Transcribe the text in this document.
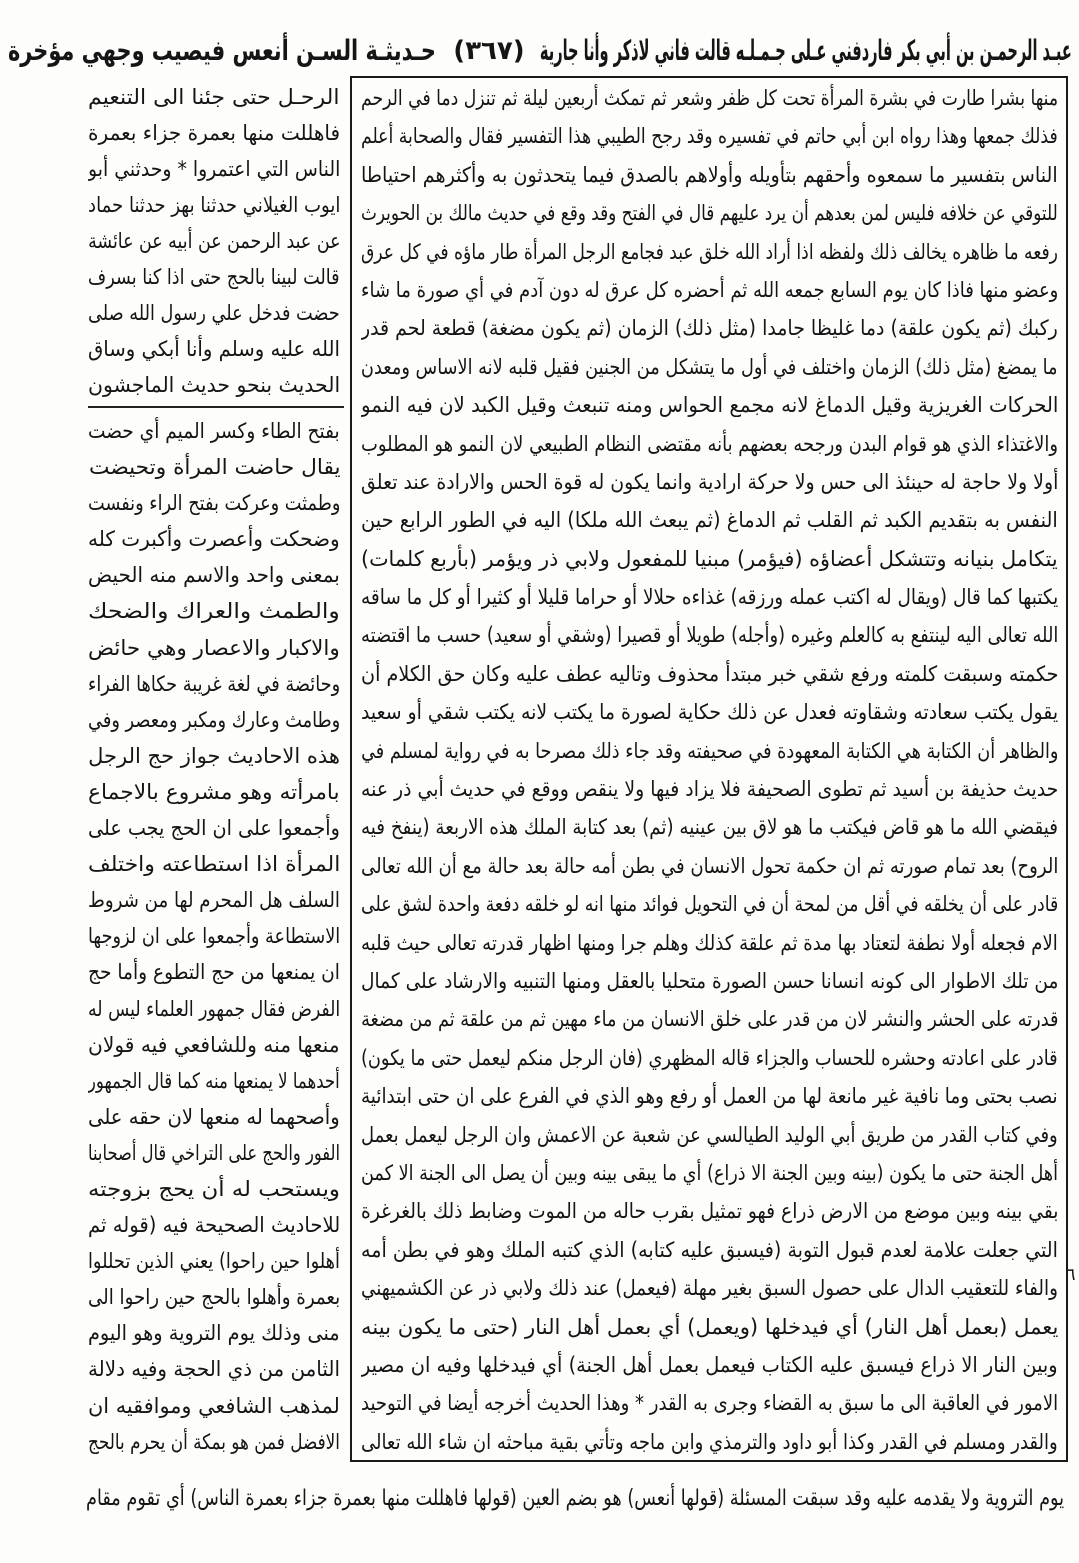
عبـد الرحمـن بن أبي بكر فاردفني عـلى جـمـلـه قالت فاني لاذكر وأنا جارية
(٣٦٧)
حـديثـة السـن أنعس فيصيب وجهي مؤخرة
منها بشرا طارت في بشرة المرأة تحت كل ظفر وشعر ثم تمكث أربعين ليلة ثم تنزل دما في الرحم
فذلك جمعها وهذا رواه ابن أبي حاتم في تفسيره وقد رجح الطيبي هذا التفسير فقال والصحابة أعلم
الناس بتفسير ما سمعوه وأحقهم بتأويله وأولاهم بالصدق فيما يتحدثون به وأكثرهم احتياطا
للتوقي عن خلافه فليس لمن بعدهم أن يرد عليهم قال في الفتح وقد وقع في حديث مالك بن الحويرث
رفعه ما ظاهره يخالف ذلك ولفظه اذا أراد الله خلق عبد فجامع الرجل المرأة طار ماؤه في كل عرق
وعضو منها فاذا كان يوم السابع جمعه الله ثم أحضره كل عرق له دون آدم في أي صورة ما شاء
ركبك (ثم يكون علقة) دما غليظا جامدا (مثل ذلك) الزمان (ثم يكون مضغة) قطعة لحم قدر
ما يمضغ (مثل ذلك) الزمان واختلف في أول ما يتشكل من الجنين فقيل قلبه لانه الاساس ومعدن
الحركات الغريزية وقيل الدماغ لانه مجمع الحواس ومنه تنبعث وقيل الكبد لان فيه النمو
والاغتذاء الذي هو قوام البدن ورجحه بعضهم بأنه مقتضى النظام الطبيعي لان النمو هو المطلوب
أولا ولا حاجة له حينئذ الى حس ولا حركة ارادية وانما يكون له قوة الحس والارادة عند تعلق
النفس به بتقديم الكبد ثم القلب ثم الدماغ (ثم يبعث الله ملكا) اليه في الطور الرابع حين
يتكامل بنيانه وتتشكل أعضاؤه (فيؤمر) مبنيا للمفعول ولابي ذر ويؤمر (بأربع كلمات)
يكتبها كما قال (ويقال له اكتب عمله ورزقه) غذاءه حلالا أو حراما قليلا أو كثيرا أو كل ما ساقه
الله تعالى اليه لينتفع به كالعلم وغيره (وأجله) طويلا أو قصيرا (وشقي أو سعيد) حسب ما اقتضته
حكمته وسبقت كلمته ورفع شقي خبر مبتدأ محذوف وتاليه عطف عليه وكان حق الكلام أن
يقول يكتب سعادته وشقاوته فعدل عن ذلك حكاية لصورة ما يكتب لانه يكتب شقي أو سعيد
والظاهر أن الكتابة هي الكتابة المعهودة في صحيفته وقد جاء ذلك مصرحا به في رواية لمسلم في
حديث حذيفة بن أسيد ثم تطوى الصحيفة فلا يزاد فيها ولا ينقص ووقع في حديث أبي ذر عنه
فيقضي الله ما هو قاض فيكتب ما هو لاق بين عينيه (ثم) بعد كتابة الملك هذه الاربعة (ينفخ فيه
الروح) بعد تمام صورته ثم ان حكمة تحول الانسان في بطن أمه حالة بعد حالة مع أن الله تعالى
قادر على أن يخلقه في أقل من لمحة أن في التحويل فوائد منها انه لو خلقه دفعة واحدة لشق على
الام فجعله أولا نطفة لتعتاد بها مدة ثم علقة كذلك وهلم جرا ومنها اظهار قدرته تعالى حيث قلبه
من تلك الاطوار الى كونه انسانا حسن الصورة متحليا بالعقل ومنها التنبيه والارشاد على كمال
قدرته على الحشر والنشر لان من قدر على خلق الانسان من ماء مهين ثم من علقة ثم من مضغة
قادر على اعادته وحشره للحساب والجزاء قاله المظهري (فان الرجل منكم ليعمل حتى ما يكون)
نصب بحتى وما نافية غير مانعة لها من العمل أو رفع وهو الذي في الفرع على ان حتى ابتدائية
وفي كتاب القدر من طريق أبي الوليد الطيالسي عن شعبة عن الاعمش وان الرجل ليعمل بعمل
أهل الجنة حتى ما يكون (بينه وبين الجنة الا ذراع) أي ما يبقى بينه وبين أن يصل الى الجنة الا كمن
بقي بينه وبين موضع من الارض ذراع فهو تمثيل بقرب حاله من الموت وضابط ذلك بالغرغرة
التي جعلت علامة لعدم قبول التوبة (فيسبق عليه كتابه) الذي كتبه الملك وهو في بطن أمه
والفاء للتعقيب الدال على حصول السبق بغير مهلة (فيعمل) عند ذلك ولابي ذر عن الكشميهني
يعمل (بعمل أهل النار) أي فيدخلها (ويعمل) أي بعمل أهل النار (حتى ما يكون بينه
وبين النار الا ذراع فيسبق عليه الكتاب فيعمل بعمل أهل الجنة) أي فيدخلها وفيه ان مصير
الامور في العاقبة الى ما سبق به القضاء وجرى به القدر * وهذا الحديث أخرجه أيضا في التوحيد
والقدر ومسلم في القدر وكذا أبو داود والترمذي وابن ماجه وتأتي بقية مباحثه ان شاء الله تعالى
الرحـل حتى جئنا الى التنعيم
فاهللت منها بعمرة جزاء بعمرة
الناس التي اعتمروا * وحدثني أبو
ايوب الغيلاني حدثنا بهز حدثنا حماد
عن عبد الرحمن عن أبيه عن عائشة
قالت لبينا بالحج حتى اذا كنا بسرف
حضت فدخل علي رسول الله صلى
الله عليه وسلم وأنا أبكي وساق
الحديث بنحو حديث الماجشون
بفتح الطاء وكسر الميم أي حضت
يقال حاضت المرأة وتحيضت
وطمثت وعركت بفتح الراء ونفست
وضحكت وأعصرت وأكبرت كله
بمعنى واحد والاسم منه الحيض
والطمث والعراك والضحك
والاكبار والاعصار وهي حائض
وحائضة في لغة غريبة حكاها الفراء
وطامث وعارك ومكبر ومعصر وفي
هذه الاحاديث جواز حج الرجل
بامرأته وهو مشروع بالاجماع
وأجمعوا على ان الحج يجب على
المرأة اذا استطاعته واختلف
السلف هل المحرم لها من شروط
الاستطاعة وأجمعوا على ان لزوجها
ان يمنعها من حج التطوع وأما حج
الفرض فقال جمهور العلماء ليس له
منعها منه وللشافعي فيه قولان
أحدهما لا يمنعها منه كما قال الجمهور
وأصحهما له منعها لان حقه على
الفور والحج على التراخي قال أصحابنا
ويستحب له أن يحج بزوجته
للاحاديث الصحيحة فيه (قوله ثم
أهلوا حين راحوا) يعني الذين تحللوا
بعمرة وأهلوا بالحج حين راحوا الى
منى وذلك يوم التروية وهو اليوم
الثامن من ذي الحجة وفيه دلالة
لمذهب الشافعي وموافقيه ان
الافضل فمن هو بمكة أن يحرم بالحج
يوم التروية ولا يقدمه عليه وقد سبقت المسئلة (قولها أنعس) هو بضم العين (قولها فاهللت منها بعمرة جزاء بعمرة الناس) أي تقوم مقام
٦
